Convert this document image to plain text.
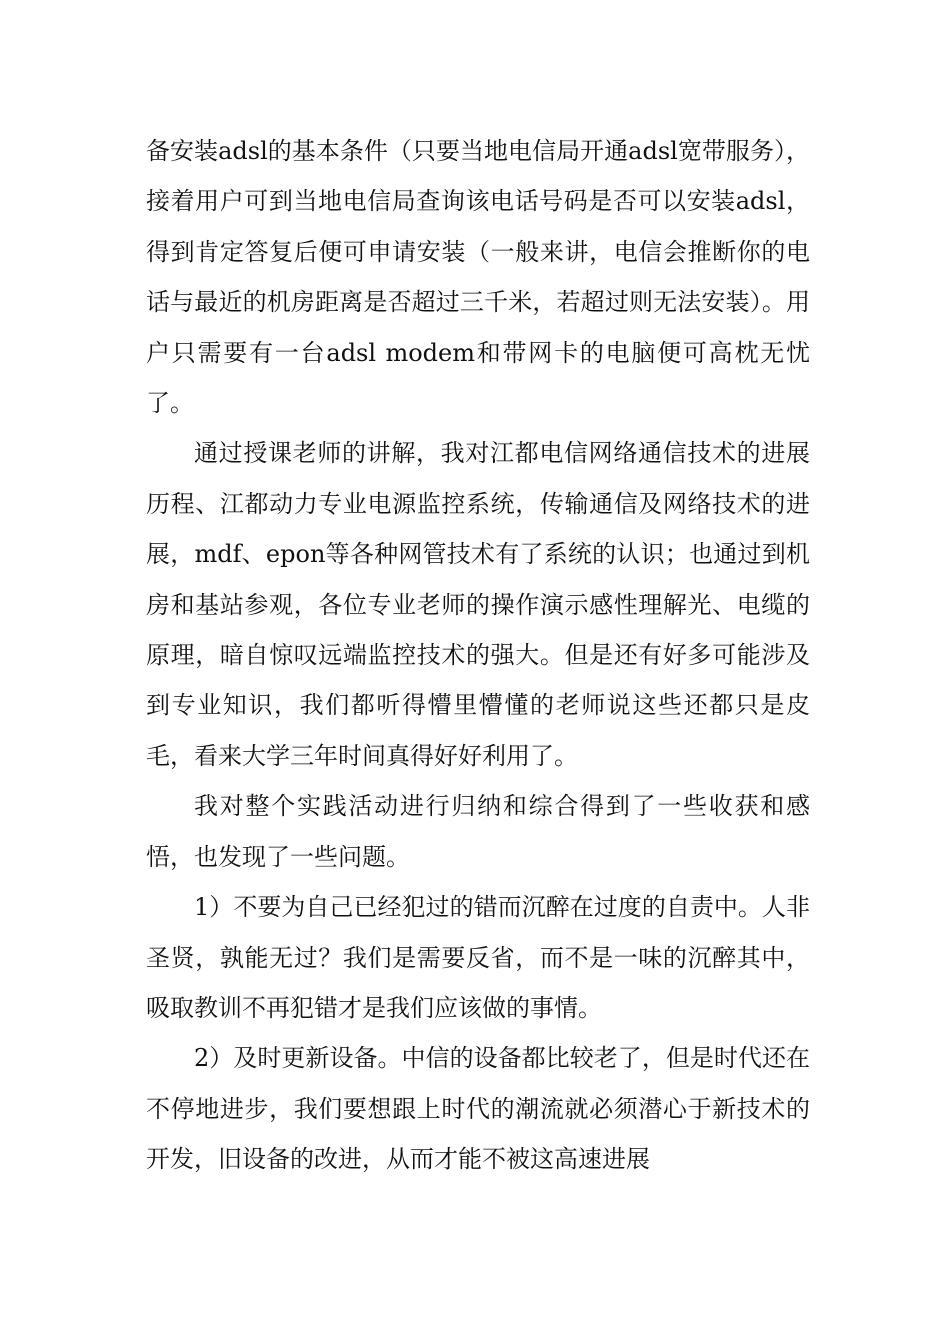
备安装adsl的基本条件（只要当地电信局开通adsl宽带服务），接着用户可到当地电信局查询该电话号码是否可以安装adsl，得到肯定答复后便可申请安装（一般来讲，电信会推断你的电话与最近的机房距离是否超过三千米，若超过则无法安装）。用户只需要有一台adsl modem和带网卡的电脑便可高枕无忧了。

通过授课老师的讲解，我对江都电信网络通信技术的进展历程、江都动力专业电源监控系统，传输通信及网络技术的进展，mdf、epon等各种网管技术有了系统的认识；也通过到机房和基站参观，各位专业老师的操作演示感性理解光、电缆的原理，暗自惊叹远端监控技术的强大。但是还有好多可能涉及到专业知识，我们都听得懵里懵懂的老师说这些还都只是皮毛，看来大学三年时间真得好好利用了。

我对整个实践活动进行归纳和综合得到了一些收获和感悟，也发现了一些问题。

1）不要为自己已经犯过的错而沉醉在过度的自责中。人非圣贤，孰能无过？我们是需要反省，而不是一味的沉醉其中，吸取教训不再犯错才是我们应该做的事情。

2）及时更新设备。中信的设备都比较老了，但是时代还在不停地进步，我们要想跟上时代的潮流就必须潜心于新技术的开发，旧设备的改进，从而才能不被这高速进展
